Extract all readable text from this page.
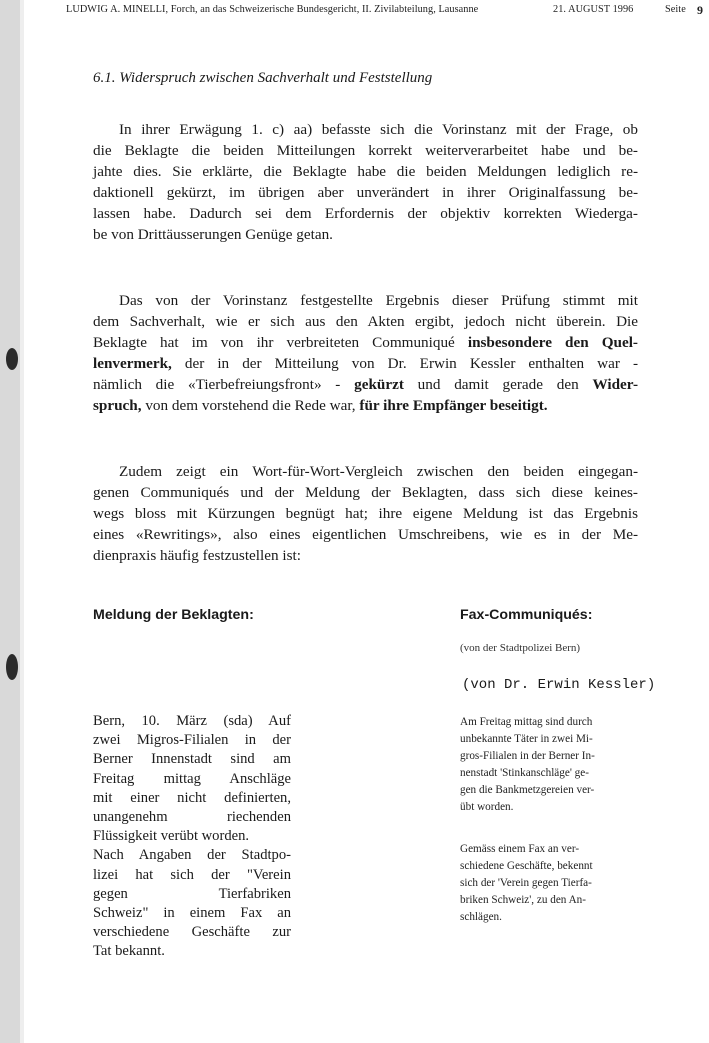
LUDWIG A. MINELLI, Forch, an das Schweizerische Bundesgericht, II. Zivilabteilung, Lausanne	21. AUGUST 1996	Seite 9
6.1. Widerspruch zwischen Sachverhalt und Feststellung
In ihrer Erwägung 1. c) aa) befasste sich die Vorinstanz mit der Frage, ob
die Beklagte die beiden Mitteilungen korrekt weiterverarbeitet habe und be-
jahte dies. Sie erklärte, die Beklagte habe die beiden Meldungen lediglich re-
daktionell gekürzt, im übrigen aber unverändert in ihrer Originalfassung be-
lassen habe. Dadurch sei dem Erfordernis der objektiv korrekten Wiederga-
be von Drittäusserungen Genüge getan.
Das von der Vorinstanz festgestellte Ergebnis dieser Prüfung stimmt mit
dem Sachverhalt, wie er sich aus den Akten ergibt, jedoch nicht überein. Die
Beklagte hat im von ihr verbreiteten Communiqué insbesondere den Quel-
lenvermerk, der in der Mitteilung von Dr. Erwin Kessler enthalten war -
nämlich die «Tierbefreiungsfront» - gekürzt und damit gerade den Wider-
spruch, von dem vorstehend die Rede war, für ihre Empfänger beseitigt.
Zudem zeigt ein Wort-für-Wort-Vergleich zwischen den beiden eingegan-
genen Communiqués und der Meldung der Beklagten, dass sich diese keines-
wegs bloss mit Kürzungen begnügt hat; ihre eigene Meldung ist das Ergebnis
eines «Rewritings», also eines eigentlichen Umschreibens, wie es in der Me-
dienpraxis häufig festzustellen ist:
Meldung der Beklagten:	Fax-Communiqués:
(von der Stadtpolizei Bern)
(von Dr. Erwin Kessler)
Bern, 10. März (sda) Auf
zwei Migros-Filialen in der
Berner Innenstadt sind am
Freitag mittag Anschläge
mit einer nicht definierten,
unangenehm riechenden
Flüssigkeit verübt worden.
Nach Angaben der Stadtpo-
lizei hat sich der "Verein
gegen Tierfabriken
Schweiz" in einem Fax an
verschiedene Geschäfte zur
Tat bekannt.
Am Freitag mittag sind durch
unbekannte Täter in zwei Mi-
gros-Filialen in der Berner In-
nenstadt 'Stinkanschläge' ge-
gen die Bankmetzgereien ver-
übt worden.
Gemäss einem Fax an ver-
schiedene Geschäfte, bekennt
sich der 'Verein gegen Tierfa-
briken Schweiz', zu den An-
schlägen.
